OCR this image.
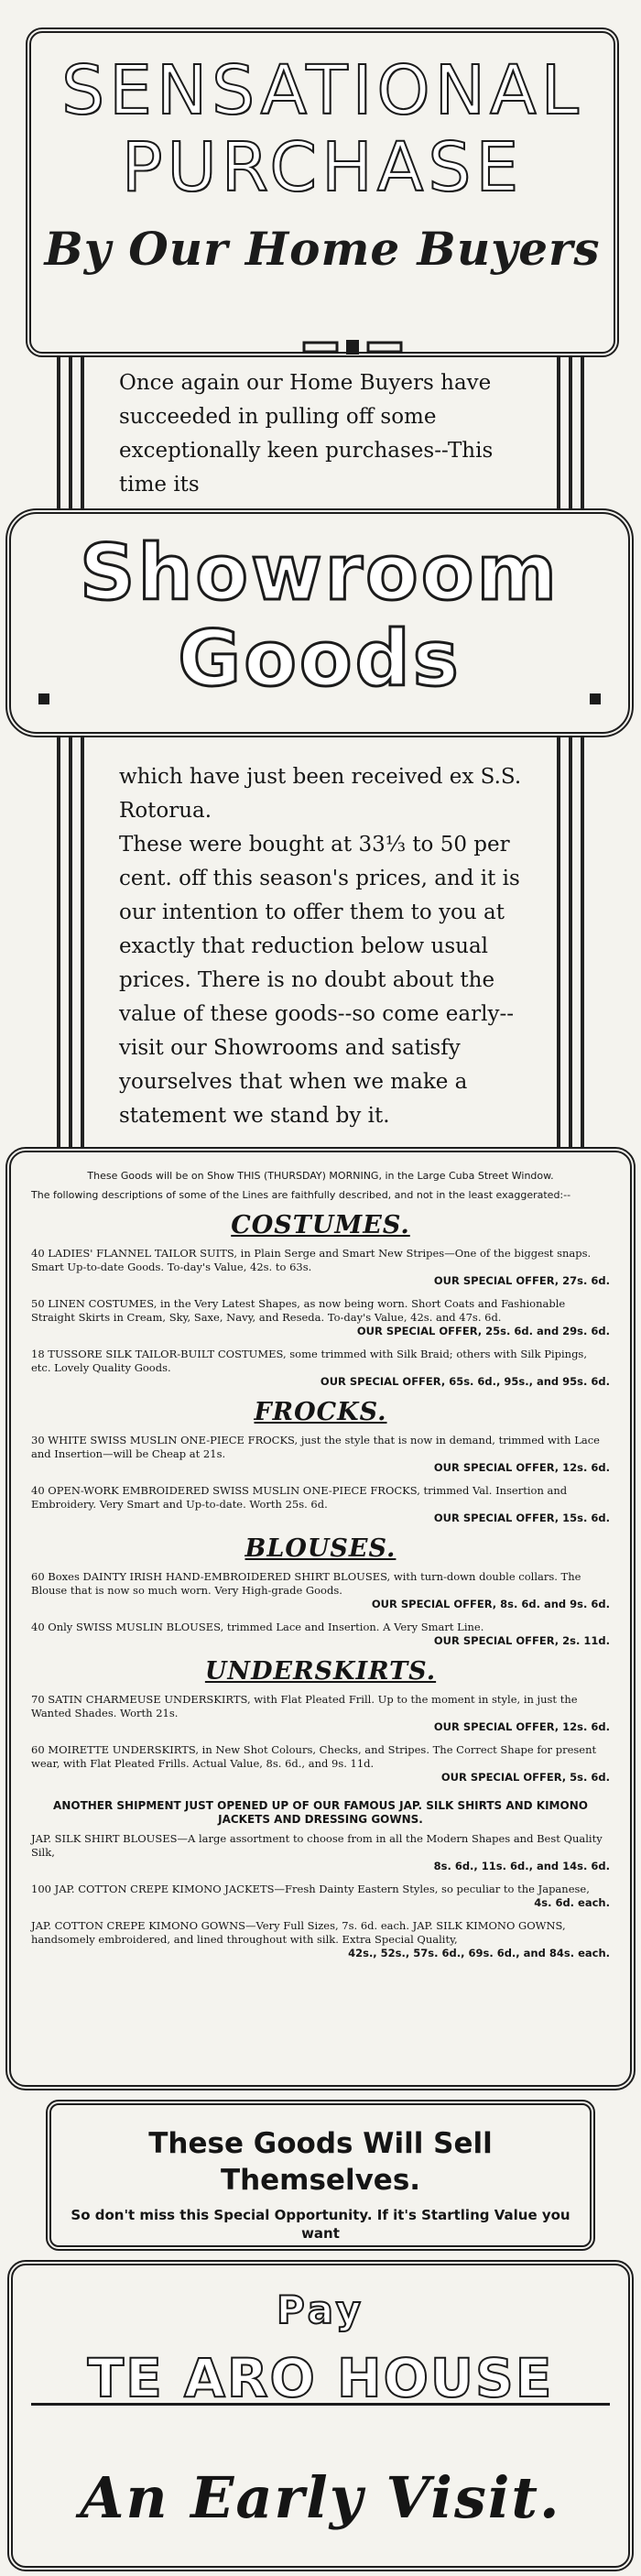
SENSATIONAL
PURCHASE
By Our Home Buyers
Once again our Home Buyers have succeeded in pulling off some exceptionally keen purchases--This time its
Showroom
Goods

which have just been received ex S.S. Rotorua.

These were bought at 33⅓ to 50 per cent. off this season's prices, and it is our intention to offer them to you at exactly that reduction below usual prices. There is no doubt about the value of these goods--so come early--visit our Showrooms and satisfy yourselves that when we make a statement we stand by it.

These Goods will be on Show THIS (THURSDAY) MORNING, in the Large Cuba Street Window.
The following descriptions of some of the Lines are faithfully described, and not in the least exaggerated:--
COSTUMES.
40 LADIES' FLANNEL TAILOR SUITS, in Plain Serge and Smart New Stripes—One of the biggest snaps. Smart Up-to-date Goods. To-day's Value, 42s. to 63s.
OUR SPECIAL OFFER, 27s. 6d.
50 LINEN COSTUMES, in the Very Latest Shapes, as now being worn. Short Coats and Fashionable Straight Skirts in Cream, Sky, Saxe, Navy, and Reseda. To-day's Value, 42s. and 47s. 6d.
OUR SPECIAL OFFER, 25s. 6d. and 29s. 6d.
18 TUSSORE SILK TAILOR-BUILT COSTUMES, some trimmed with Silk Braid; others with Silk Pipings, etc. Lovely Quality Goods.
OUR SPECIAL OFFER, 65s. 6d., 95s., and 95s. 6d.
FROCKS.
30 WHITE SWISS MUSLIN ONE-PIECE FROCKS, just the style that is now in demand, trimmed with Lace and Insertion—will be Cheap at 21s.
OUR SPECIAL OFFER, 12s. 6d.
40 OPEN-WORK EMBROIDERED SWISS MUSLIN ONE-PIECE FROCKS, trimmed Val. Insertion and Embroidery. Very Smart and Up-to-date. Worth 25s. 6d.
OUR SPECIAL OFFER, 15s. 6d.
BLOUSES.
60 Boxes DAINTY IRISH HAND-EMBROIDERED SHIRT BLOUSES, with turn-down double collars. The Blouse that is now so much worn. Very High-grade Goods.
OUR SPECIAL OFFER, 8s. 6d. and 9s. 6d.
40 Only SWISS MUSLIN BLOUSES, trimmed Lace and Insertion. A Very Smart Line.
OUR SPECIAL OFFER, 2s. 11d.
UNDERSKIRTS.
70 SATIN CHARMEUSE UNDERSKIRTS, with Flat Pleated Frill. Up to the moment in style, in just the Wanted Shades. Worth 21s.
OUR SPECIAL OFFER, 12s. 6d.
60 MOIRETTE UNDERSKIRTS, in New Shot Colours, Checks, and Stripes. The Correct Shape for present wear, with Flat Pleated Frills. Actual Value, 8s. 6d., and 9s. 11d.
OUR SPECIAL OFFER, 5s. 6d.
ANOTHER SHIPMENT JUST OPENED UP OF OUR FAMOUS JAP. SILK SHIRTS AND KIMONO JACKETS AND DRESSING GOWNS.
JAP. SILK SHIRT BLOUSES—A large assortment to choose from in all the Modern Shapes and Best Quality Silk,
8s. 6d., 11s. 6d., and 14s. 6d.
100 JAP. COTTON CREPE KIMONO JACKETS—Fresh Dainty Eastern Styles, so peculiar to the Japanese,
4s. 6d. each.
JAP. COTTON CREPE KIMONO GOWNS—Very Full Sizes, 7s. 6d. each. JAP. SILK KIMONO GOWNS, handsomely embroidered, and lined throughout with silk. Extra Special Quality,
42s., 52s., 57s. 6d., 69s. 6d., and 84s. each.
These Goods Will Sell
Themselves.
So don't miss this Special Opportunity. If it's Startling Value you want
Pay
TE ARO HOUSE
An Early Visit.
